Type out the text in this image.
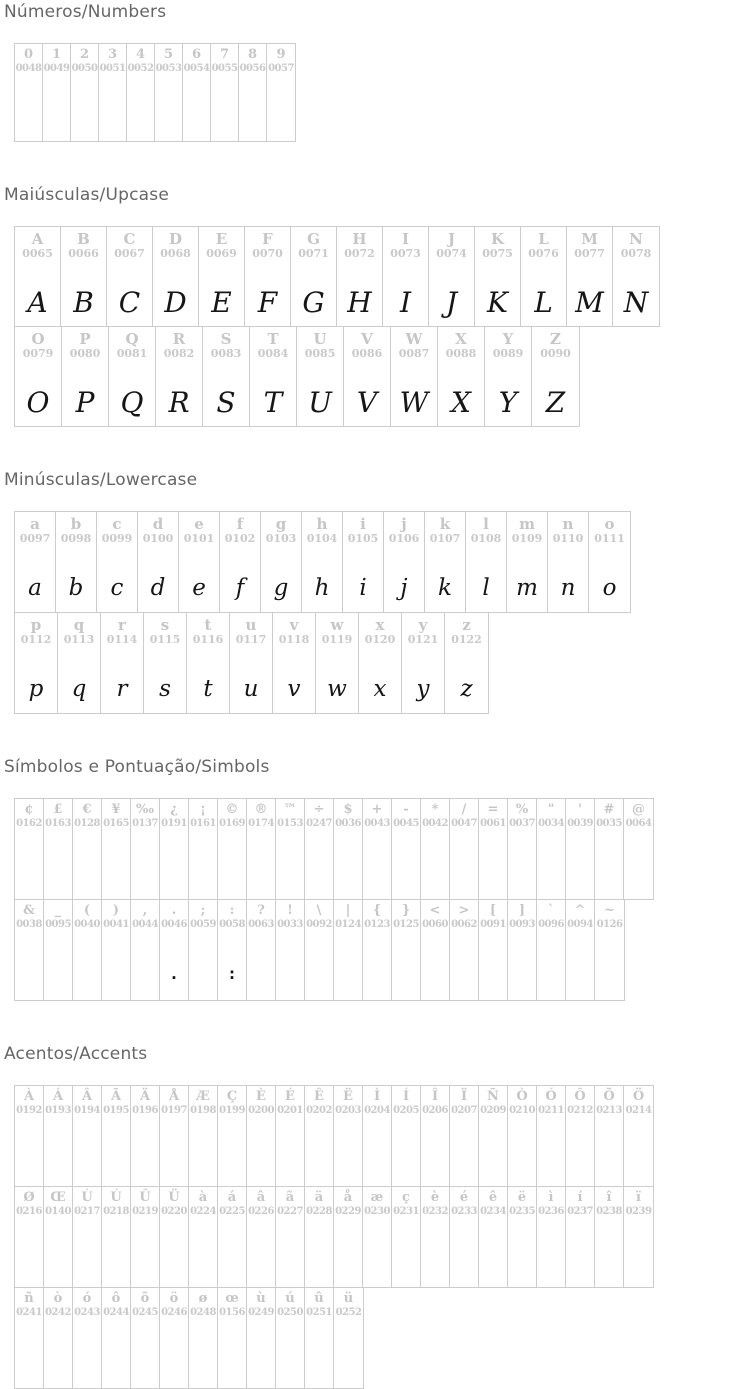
Números/Numbers
0
0048
1
0049
2
0050
3
0051
4
0052
5
0053
6
0054
7
0055
8
0056
9
0057
Maiúsculas/Upcase
A
0065
A
B
0066
B
C
0067
C
D
0068
D
E
0069
E
F
0070
F
G
0071
G
H
0072
H
I
0073
I
J
0074
J
K
0075
K
L
0076
L
M
0077
M
N
0078
N
O
0079
O
P
0080
P
Q
0081
Q
R
0082
R
S
0083
S
T
0084
T
U
0085
U
V
0086
V
W
0087
W
X
0088
X
Y
0089
Y
Z
0090
Z
Minúsculas/Lowercase
a
0097
a
b
0098
b
c
0099
c
d
0100
d
e
0101
e
f
0102
f
g
0103
g
h
0104
h
i
0105
i
j
0106
j
k
0107
k
l
0108
l
m
0109
m
n
0110
n
o
0111
o
p
0112
p
q
0113
q
r
0114
r
s
0115
s
t
0116
t
u
0117
u
v
0118
v
w
0119
w
x
0120
x
y
0121
y
z
0122
z
Símbolos e Pontuação/Simbols
¢
0162
£
0163
€
0128
¥
0165
‰
0137
¿
0191
¡
0161
©
0169
®
0174
™
0153
÷
0247
$
0036
+
0043
-
0045
*
0042
/
0047
=
0061
%
0037
"
0034
'
0039
#
0035
@
0064
&
0038
_
0095
(
0040
)
0041
,
0044
.
0046
.
;
0059
:
0058
:
?
0063
!
0033
\
0092
|
0124
{
0123
}
0125
<
0060
>
0062
[
0091
]
0093
`
0096
^
0094
~
0126
Acentos/Accents
À
0192
Á
0193
Â
0194
Ã
0195
Ä
0196
Å
0197
Æ
0198
Ç
0199
È
0200
É
0201
Ê
0202
Ë
0203
Ì
0204
Í
0205
Î
0206
Ï
0207
Ñ
0209
Ò
0210
Ó
0211
Ô
0212
Õ
0213
Ö
0214
Ø
0216
Œ
0140
Ù
0217
Ú
0218
Û
0219
Ü
0220
à
0224
á
0225
â
0226
ã
0227
ä
0228
å
0229
æ
0230
ç
0231
è
0232
é
0233
ê
0234
ë
0235
ì
0236
í
0237
î
0238
ï
0239
ñ
0241
ò
0242
ó
0243
ô
0244
õ
0245
ö
0246
ø
0248
œ
0156
ù
0249
ú
0250
û
0251
ü
0252
